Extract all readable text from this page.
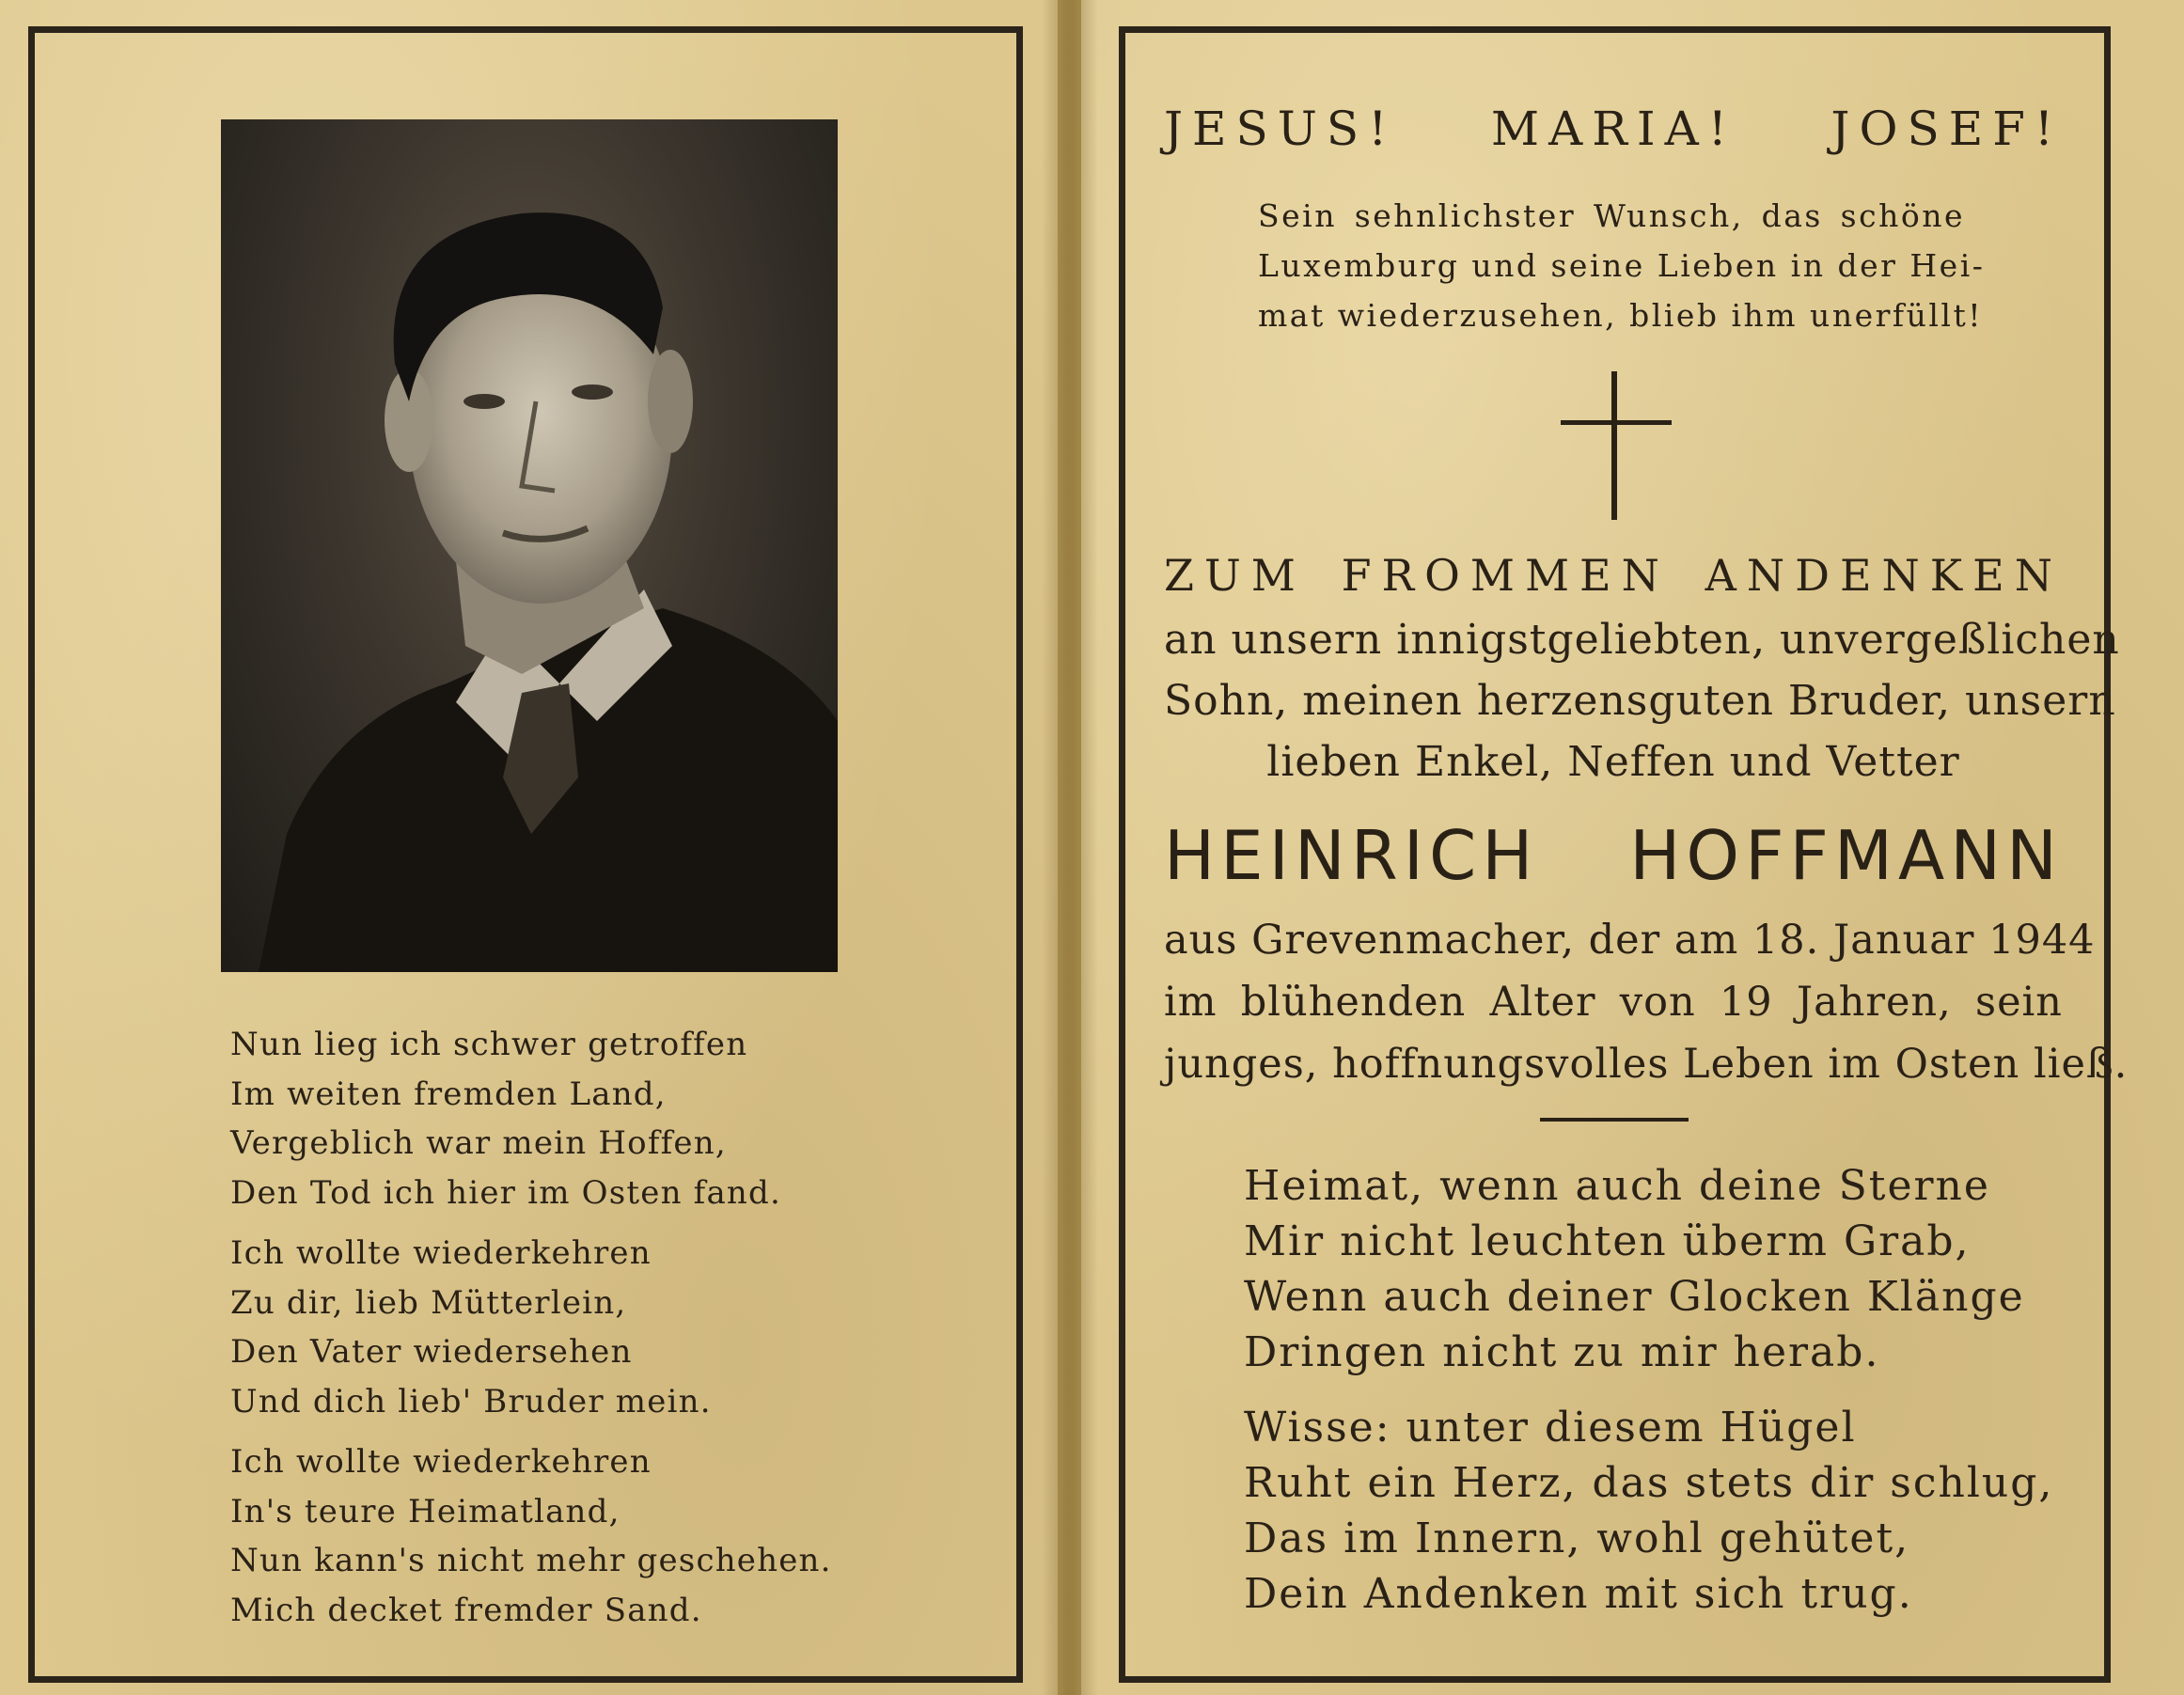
Nun lieg ich schwer getroffen
Im weiten fremden Land,
Vergeblich war mein Hoffen,
Den Tod ich hier im Osten fand.
Ich wollte wiederkehren
Zu dir, lieb Mütterlein,
Den Vater wiedersehen
Und dich lieb' Bruder mein.
Ich wollte wiederkehren
In's teure Heimatland,
Nun kann's nicht mehr geschehen.
Mich decket fremder Sand.
JESUS! MARIA! JOSEF!
Sein sehnlichster Wunsch, das schöne
Luxemburg und seine Lieben in der Hei-
mat wiederzusehen, blieb ihm unerfüllt!
ZUM FROMMEN ANDENKEN
an unsern innigstgeliebten, unvergeßlichen
Sohn, meinen herzensguten Bruder, unsern
lieben Enkel, Neffen und Vetter
HEINRICH HOFFMANN
aus Grevenmacher, der am 18. Januar 1944
im blühenden Alter von 19 Jahren, sein
junges, hoffnungsvolles Leben im Osten ließ.
Heimat, wenn auch deine Sterne
Mir nicht leuchten überm Grab,
Wenn auch deiner Glocken Klänge
Dringen nicht zu mir herab.
Wisse: unter diesem Hügel
Ruht ein Herz, das stets dir schlug,
Das im Innern, wohl gehütet,
Dein Andenken mit sich trug.
